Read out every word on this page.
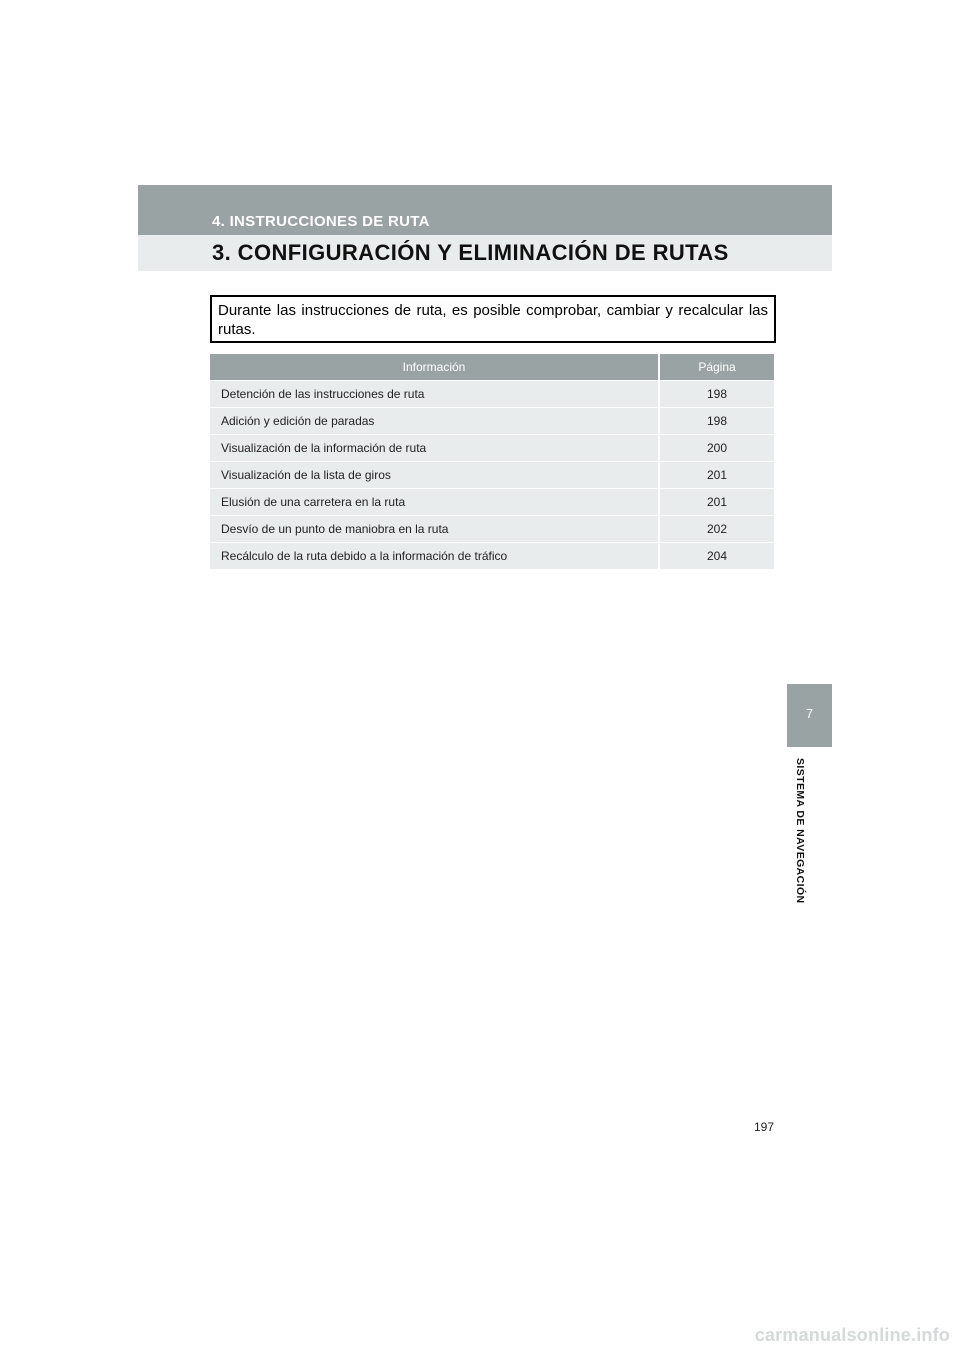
4. INSTRUCCIONES DE RUTA
3. CONFIGURACIÓN Y ELIMINACIÓN DE RUTAS
Durante las instrucciones de ruta, es posible comprobar, cambiar y recalcular las rutas.
Información	Página
Detención de las instrucciones de ruta	198
Adición y edición de paradas	198
Visualización de la información de ruta	200
Visualización de la lista de giros	201
Elusión de una carretera en la ruta	201
Desvío de un punto de maniobra en la ruta	202
Recálculo de la ruta debido a la información de tráfico	204
7
SISTEMA DE NAVEGACIÓN
197
carmanualsonline.info
